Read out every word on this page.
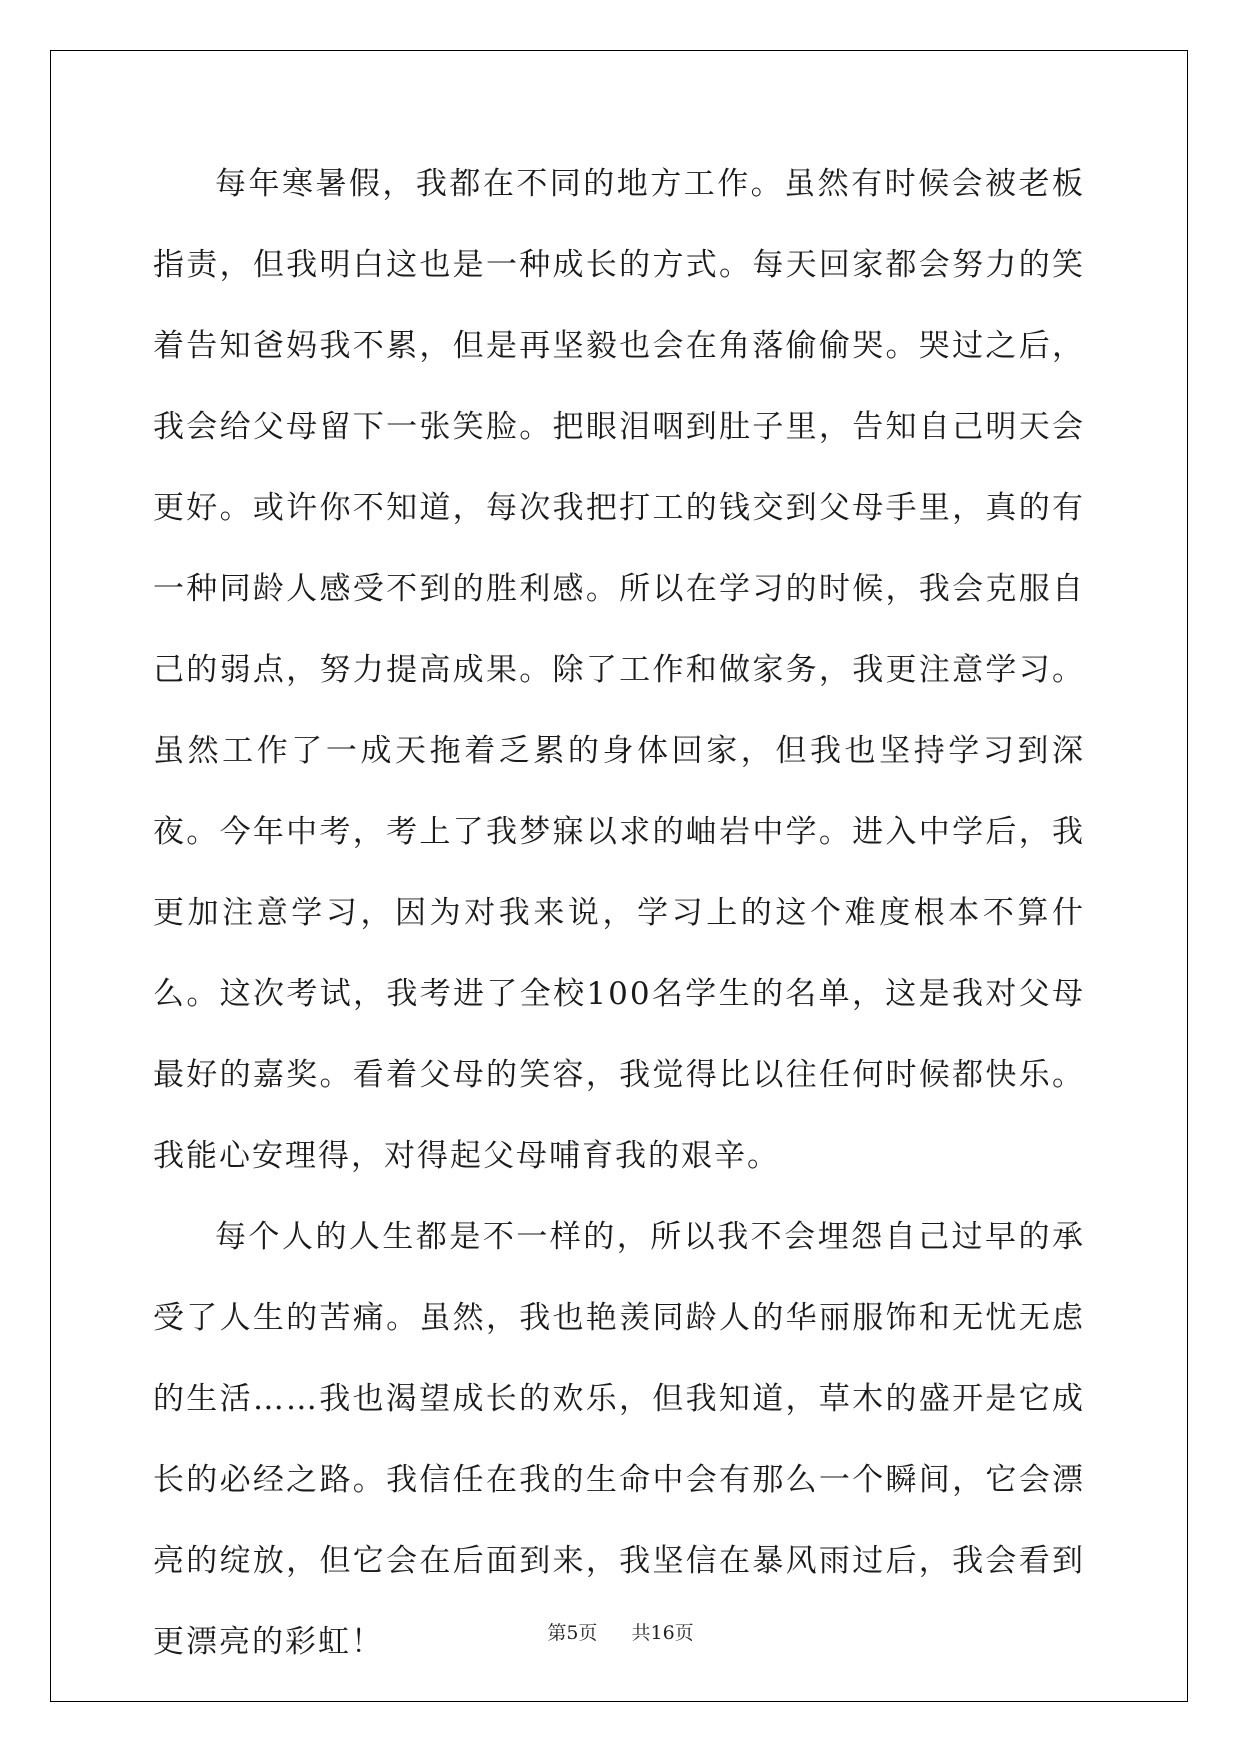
每年寒暑假，我都在不同的地方工作。虽然有时候会被老板指责，但我明白这也是一种成长的方式。每天回家都会努力的笑着告知爸妈我不累，但是再坚毅也会在角落偷偷哭。哭过之后，我会给父母留下一张笑脸。把眼泪咽到肚子里，告知自己明天会更好。或许你不知道，每次我把打工的钱交到父母手里，真的有一种同龄人感受不到的胜利感。所以在学习的时候，我会克服自己的弱点，努力提高成果。除了工作和做家务，我更注意学习。虽然工作了一成天拖着乏累的身体回家，但我也坚持学习到深夜。今年中考，考上了我梦寐以求的岫岩中学。进入中学后，我更加注意学习，因为对我来说，学习上的这个难度根本不算什么。这次考试，我考进了全校100名学生的名单，这是我对父母最好的嘉奖。看着父母的笑容，我觉得比以往任何时候都快乐。我能心安理得，对得起父母哺育我的艰辛。

每个人的人生都是不一样的，所以我不会埋怨自己过早的承受了人生的苦痛。虽然，我也艳羡同龄人的华丽服饰和无忧无虑的生活……我也渴望成长的欢乐，但我知道，草木的盛开是它成长的必经之路。我信任在我的生命中会有那么一个瞬间，它会漂亮的绽放，但它会在后面到来，我坚信在暴风雨过后，我会看到更漂亮的彩虹！	第5页 共16页
